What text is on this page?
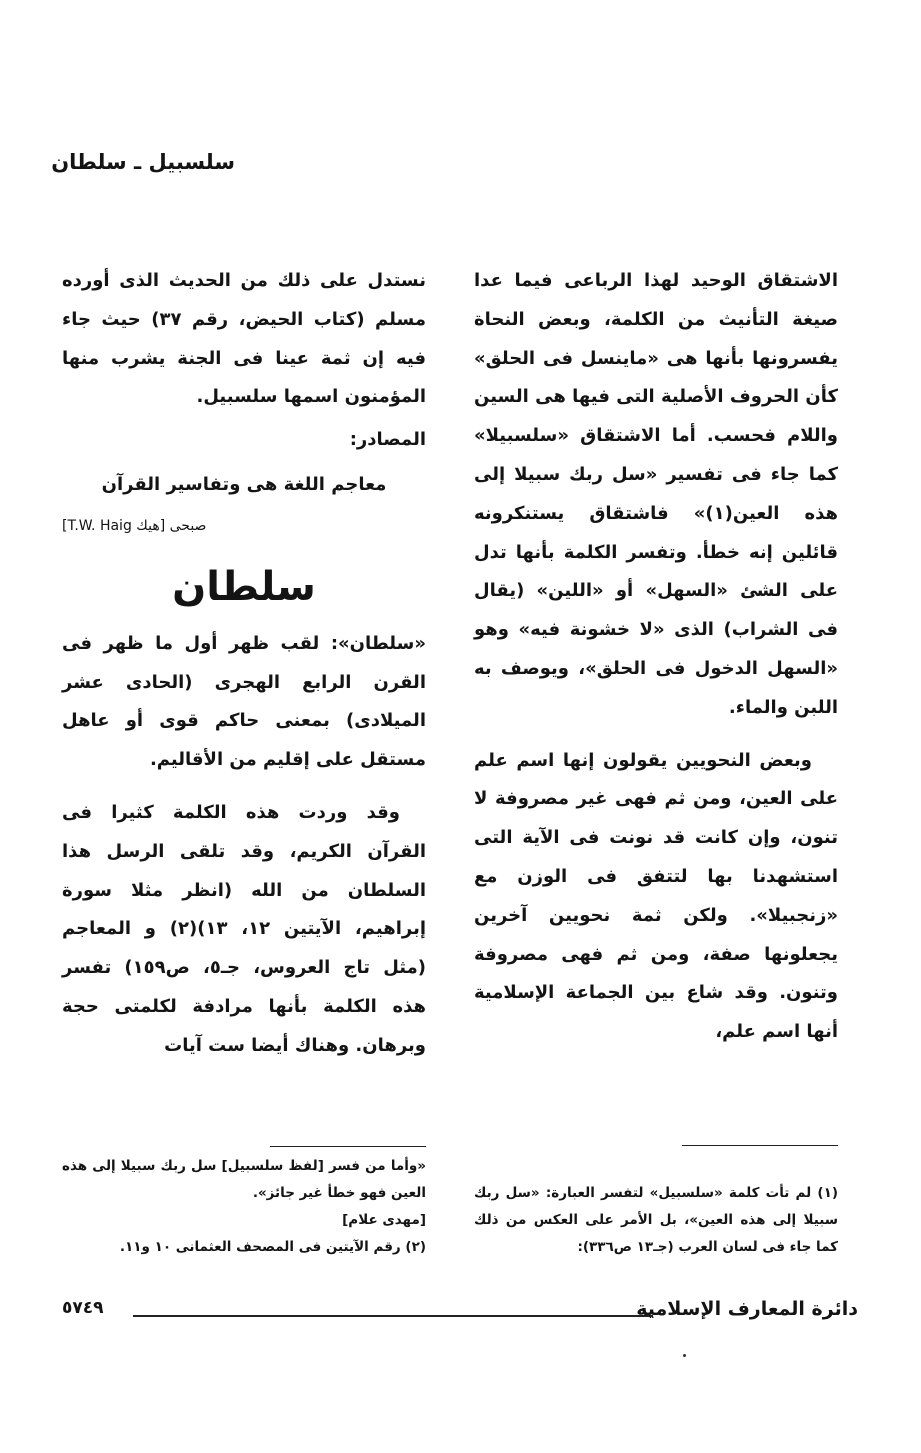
سلسبيل ـ سلطان

الاشتقاق الوحيد لهذا الرباعى فيما عدا صيغة التأنيث من الكلمة، وبعض النحاة يفسرونها بأنها هى «ماينسل فى الحلق» كأن الحروف الأصلية التى فيها هى السين واللام فحسب. أما الاشتقاق «سلسبيلا» كما جاء فى تفسير «سل ربك سبيلا إلى هذه العين(١)» فاشتقاق يستنكرونه قائلين إنه خطأ. وتفسر الكلمة بأنها تدل على الشئ «السهل» أو «اللين» (يقال فى الشراب) الذى «لا خشونة فيه» وهو «السهل الدخول فى الحلق»، ويوصف به اللبن والماء.

وبعض النحويين يقولون إنها اسم علم على العين، ومن ثم فهى غير مصروفة لا تنون، وإن كانت قد نونت فى الآية التى استشهدنا بها لتتفق فى الوزن مع «زنجبيلا». ولكن ثمة نحويين آخرين يجعلونها صفة، ومن ثم فهى مصروفة وتنون. وقد شاع بين الجماعة الإسلامية أنها اسم علم،

نستدل على ذلك من الحديث الذى أورده مسلم (كتاب الحيض، رقم ٣٧) حيث جاء فيه إن ثمة عينا فى الجنة يشرب منها المؤمنون اسمها سلسبيل.

المصادر:

معاجم اللغة هى وتفاسير القرآن

صبحى [هيك T.W. Haig]

سلطان

«سلطان»: لقب ظهر أول ما ظهر فى القرن الرابع الهجرى (الحادى عشر الميلادى) بمعنى حاكم قوى أو عاهل مستقل على إقليم من الأقاليم.

وقد وردت هذه الكلمة كثيرا فى القرآن الكريم، وقد تلقى الرسل هذا السلطان من الله (انظر مثلا سورة إبراهيم، الآيتين ١٢، ١٣)(٢) و المعاجم (مثل تاج العروس، جـ٥، ص١٥٩) تفسر هذه الكلمة بأنها مرادفة لكلمتى حجة وبرهان. وهناك أيضا ست آيات

(١) لم تأت كلمة «سلسبيل» لتفسر العبارة: «سل ربك سبيلا إلى هذه العين»، بل الأمر على العكس من ذلك كما جاء فى لسان العرب (جـ١٣ ص٣٣٦):

«وأما من فسر [لفظ سلسبيل] سل ربك سبيلا إلى هذه العين فهو خطأ غير جائز».

[مهدى علام]

(٢) رقم الآيتين فى المصحف العثمانى ١٠ و١١.

دائرة المعارف الإسلامية
٥٧٤٩
